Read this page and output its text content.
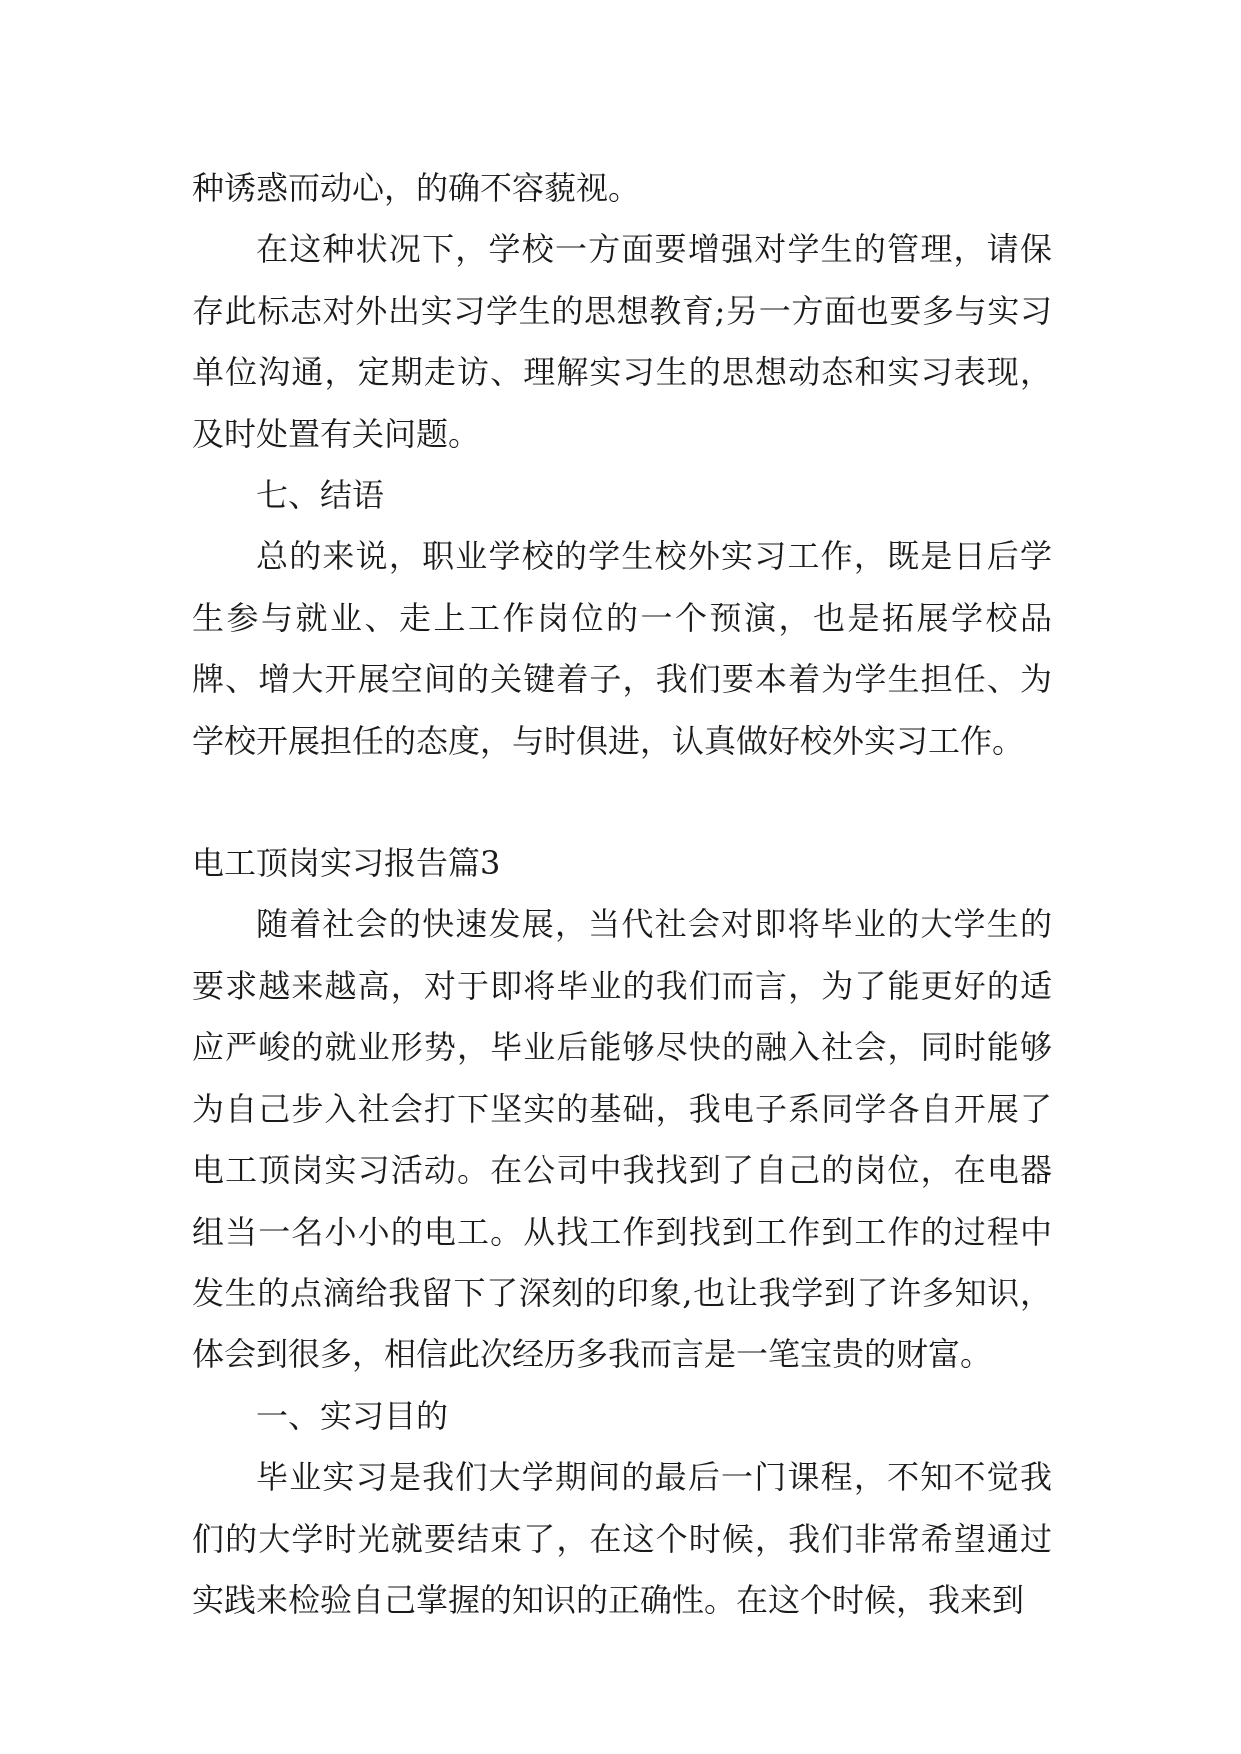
种诱惑而动心，的确不容藐视。

在这种状况下，学校一方面要增强对学生的管理，请保存此标志对外出实习学生的思想教育;另一方面也要多与实习单位沟通，定期走访、理解实习生的思想动态和实习表现，及时处置有关问题。

七、结语

总的来说，职业学校的学生校外实习工作，既是日后学生参与就业、走上工作岗位的一个预演，也是拓展学校品牌、增大开展空间的关键着子，我们要本着为学生担任、为学校开展担任的态度，与时俱进，认真做好校外实习工作。

电工顶岗实习报告篇3

随着社会的快速发展，当代社会对即将毕业的大学生的要求越来越高，对于即将毕业的我们而言，为了能更好的适应严峻的就业形势，毕业后能够尽快的融入社会，同时能够为自己步入社会打下坚实的基础，我电子系同学各自开展了电工顶岗实习活动。在公司中我找到了自己的岗位，在电器组当一名小小的电工。从找工作到找到工作到工作的过程中发生的点滴给我留下了深刻的印象,也让我学到了许多知识，体会到很多，相信此次经历多我而言是一笔宝贵的财富。

一、实习目的

毕业实习是我们大学期间的最后一门课程，不知不觉我们的大学时光就要结束了，在这个时候，我们非常希望通过实践来检验自己掌握的知识的正确性。在这个时候，我来到
